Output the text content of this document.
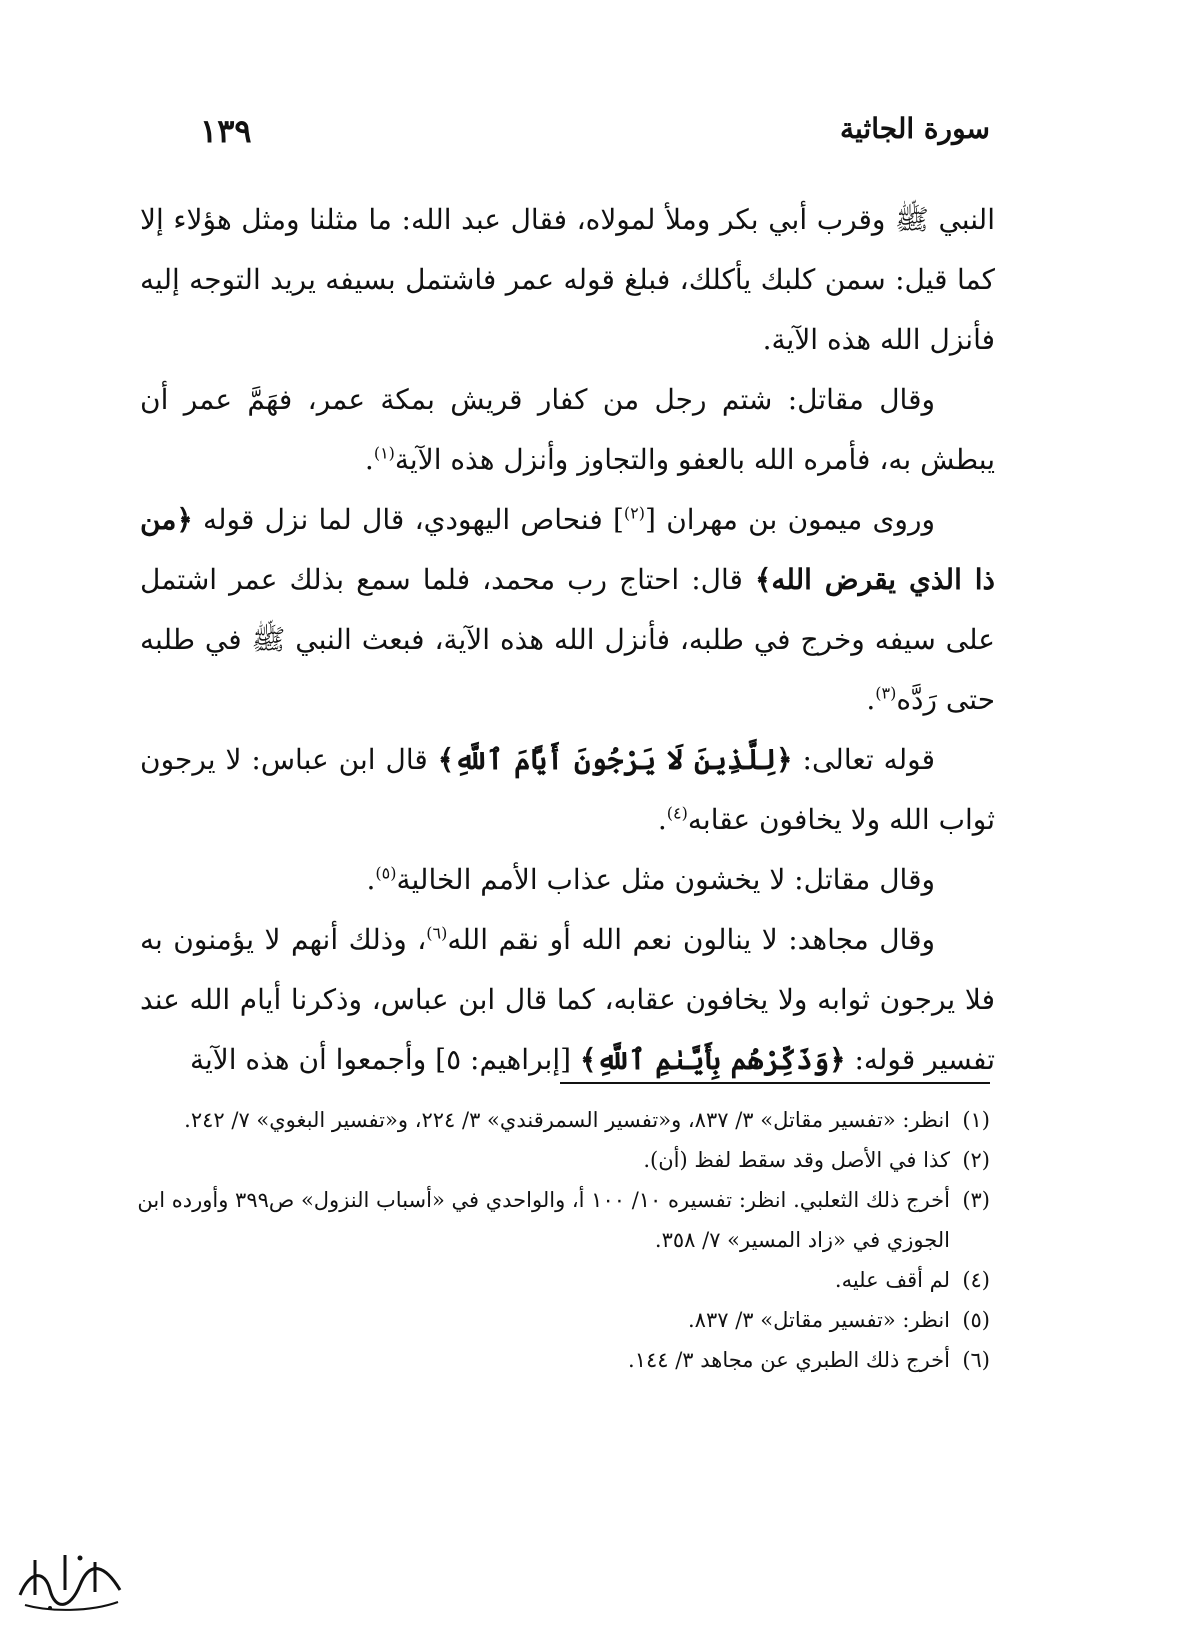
سورة الجاثية
١٣٩

النبي ﷺ وقرب أبي بكر وملأ لمولاه، فقال عبد الله: ما مثلنا ومثل هؤلاء إلا كما قيل: سمن كلبك يأكلك، فبلغ قوله عمر فاشتمل بسيفه يريد التوجه إليه فأنزل الله هذه الآية.

وقال مقاتل: شتم رجل من كفار قريش بمكة عمر، فهَمَّ عمر أن يبطش به، فأمره الله بالعفو والتجاوز وأنزل هذه الآية$^{(١)}$.

وروى ميمون بن مهران [$^{(٢)}$] فنحاص اليهودي، قال لما نزل قوله ﴿من ذا الذي يقرض الله﴾ قال: احتاج رب محمد، فلما سمع بذلك عمر اشتمل على سيفه وخرج في طلبه، فأنزل الله هذه الآية، فبعث النبي ﷺ في طلبه حتى رَدَّه$^{(٣)}$.

قوله تعالى: ﴿لِلَّذِينَ لَا يَرْجُونَ أَيَّامَ ٱللَّهِ﴾ قال ابن عباس: لا يرجون ثواب الله ولا يخافون عقابه$^{(٤)}$.

وقال مقاتل: لا يخشون مثل عذاب الأمم الخالية$^{(٥)}$.

وقال مجاهد: لا ينالون نعم الله أو نقم الله$^{(٦)}$، وذلك أنهم لا يؤمنون به فلا يرجون ثوابه ولا يخافون عقابه، كما قال ابن عباس، وذكرنا أيام الله عند تفسير قوله: ﴿وَذَكِّرْهُم بِأَيَّىٰمِ ٱللَّهِ﴾ [إبراهيم: ٥] وأجمعوا أن هذه الآية

(١)انظر: «تفسير مقاتل» ٣/ ٨٣٧، و«تفسير السمرقندي» ٣/ ٢٢٤، و«تفسير البغوي» ٧/ ٢٤٢.

(٢)كذا في الأصل وقد سقط لفظ (أن).

(٣)أخرج ذلك الثعلبي. انظر: تفسيره ١٠/ ١٠٠ أ، والواحدي في «أسباب النزول» ص٣٩٩ وأورده ابن الجوزي في «زاد المسير» ٧/ ٣٥٨.

(٤)لم أقف عليه.

(٥)انظر: «تفسير مقاتل» ٣/ ٨٣٧.

(٦)أخرج ذلك الطبري عن مجاهد ٣/ ١٤٤.
